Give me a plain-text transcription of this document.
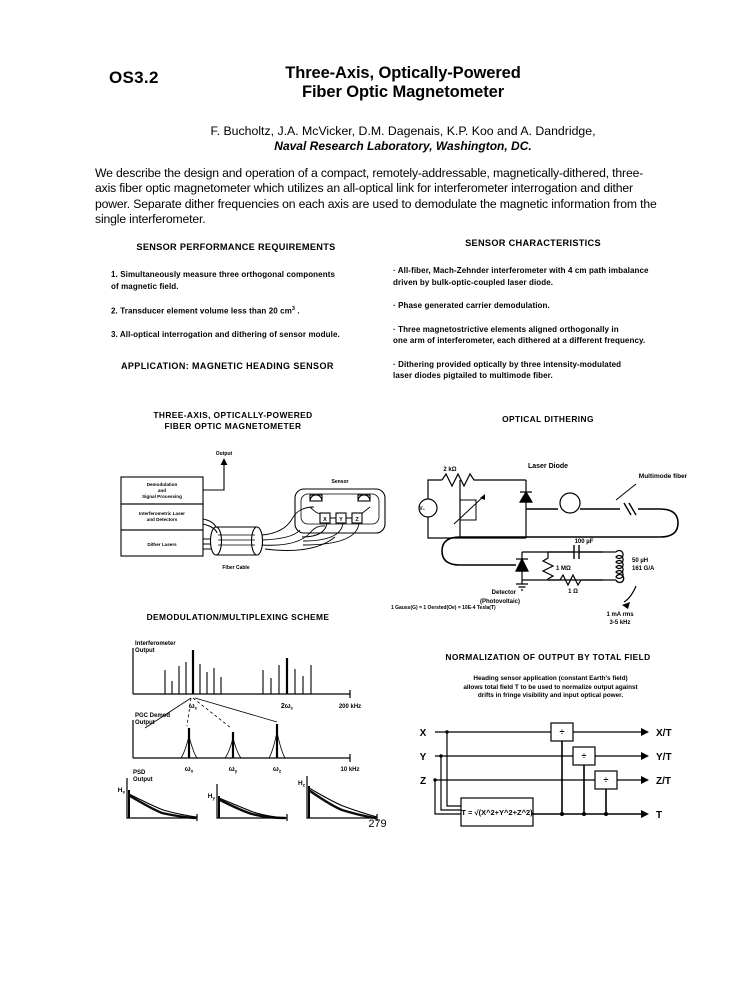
OS3.2	Three-Axis, Optically-Powered
Fiber Optic Magnetometer
F. Bucholtz, J.A. McVicker, D.M. Dagenais, K.P. Koo and A. Dandridge,
Naval Research Laboratory, Washington, DC.
We describe the design and operation of a compact, remotely-addressable, magnetically-dithered, three-axis fiber optic magnetometer which utilizes an all-optical link for interferometer interrogation and dither power. Separate dither frequencies on each axis are used to demodulate the magnetic information from the single interferometer.
SENSOR PERFORMANCE REQUIREMENTS
1. Simultaneously measure three orthogonal components
of magnetic field.
2. Transducer element volume less than 20 $cm^3$ .
3. All-optical interrogation and dithering of sensor module.
APPLICATION: MAGNETIC HEADING SENSOR
SENSOR CHARACTERISTICS
· All-fiber, Mach-Zehnder interferometer with 4 cm path imbalance
driven by bulk-optic-coupled laser diode.
· Phase generated carrier demodulation.
· Three magnetostrictive elements aligned orthogonally in
one arm of interferometer, each dithered at a different frequency.
· Dithering provided optically by three intensity-modulated
laser diodes pigtailed to multimode fiber.
THREE-AXIS, OPTICALLY-POWERED
FIBER OPTIC MAGNETOMETER
Demodulation
and
Signal Processing
Interferometric Laser
and Detectors
Dither Lasers
Output
Fiber Cable
Sensor
X Y Z
OPTICAL DITHERING
V₀
2 kΩ	Laser Diode
Multimode fiber
Detector
(Photovoltaic)
100 µF
1 MΩ
1 Ω
50 µH
161 G/A
1 mA rms
3-5 kHz
1 Gauss(G) = 1 Oersted(Oe) = 10E-4 Tesla(T)
DEMODULATION/MULTIPLEXING SCHEME
Interferometer
Output
PGC Demod
Output
PSD
Output
$\omega_c$	$2\omega_c$	200 kHz
$\omega_x$	$\omega_y$	$\omega_z$	10 kHz
$H_x$
$H_y$
$H_z$
NORMALIZATION OF OUTPUT BY TOTAL FIELD
Heading sensor application (constant Earth's field)
allows total field T to be used to normalize output against
drifts in fringe visibility and input optical power.
X
Y
Z
X/T
Y/T
Z/T
T
÷
÷
÷
T = √(X^2+Y^2+Z^2)
279
